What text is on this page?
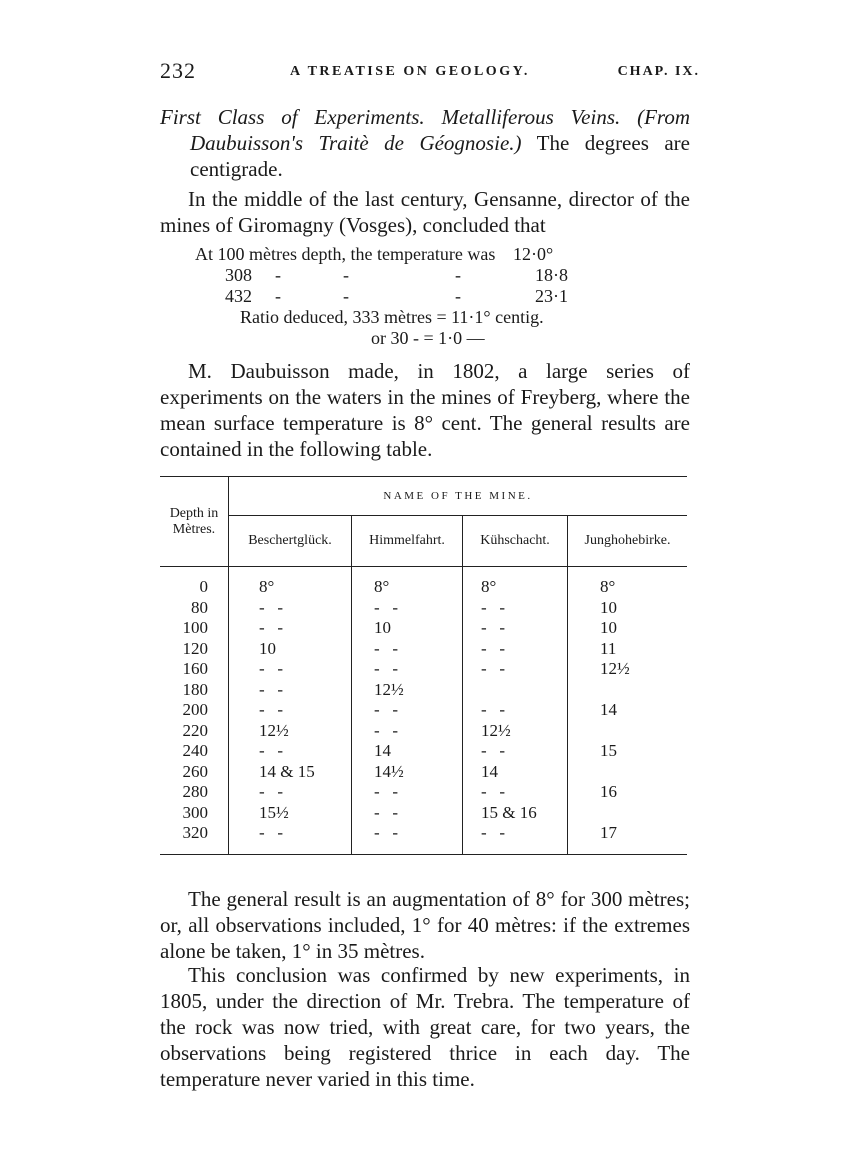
232	A TREATISE ON GEOLOGY.	CHAP. IX.

First Class of Experiments. Metalliferous Veins. (From Daubuisson's Traitè de Géognosie.) The degrees are centigrade.

In the middle of the last century, Gensanne, director of the mines of Giromagny (Vosges), concluded that

At 100 mètres depth, the temperature was 12·0°
308 -	-	-	18·8
432 -	-	-	23·1
Ratio deduced, 333 mètres = 11·1° centig.
or 30 - = 1·0 —

M. Daubuisson made, in 1802, a large series of experiments on the waters in the mines of Freyberg, where the mean surface temperature is 8° cent. The general results are contained in the following table.

Depth in Mètres.	NAME OF THE MINE.			
	Beschertglück.	Himmelfahrt.	Kühschacht.	Junghohebirke.

0	8°	8°	8°	8°
80	-   -	-   -	-   -	10
100	-   -	10	-   -	10
120	10	-   -	-   -	11
160	-   -	-   -	-   -	12½
180	-   -	12½		
200	-   -	-   -	-   -	14
220	12½	-   -	12½	
240	-   -	14	-   -	15
260	14 & 15	14½	14	
280	-   -	-   -	-   -	16
300	15½	-   -	15 & 16	
320	-   -	-   -	-   -	17

The general result is an augmentation of 8° for 300 mètres; or, all observations included, 1° for 40 mètres: if the extremes alone be taken, 1° in 35 mètres.

This conclusion was confirmed by new experiments, in 1805, under the direction of Mr. Trebra. The temperature of the rock was now tried, with great care, for two years, the observations being registered thrice in each day. The temperature never varied in this time.
